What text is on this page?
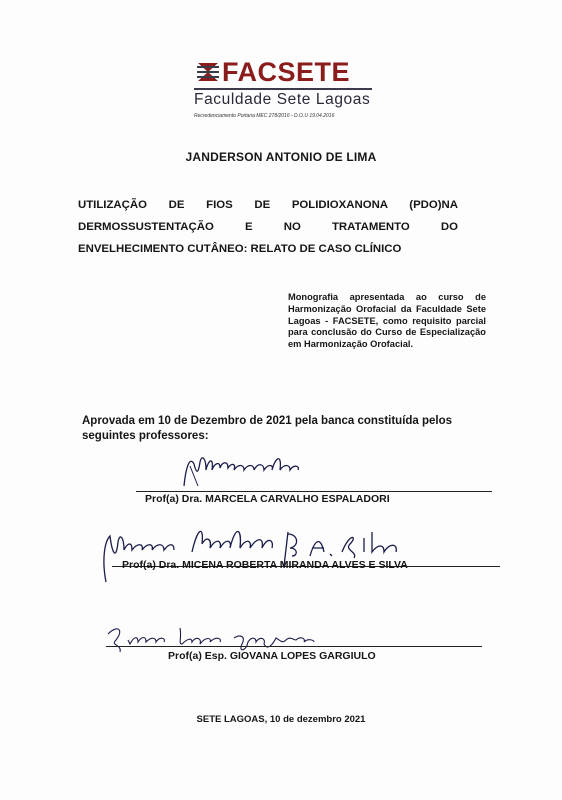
FACSETE
Faculdade Sete Lagoas
Recredenciamento Portaria MEC 278/2016 - D.O.U 19.04.2016
JANDERSON ANTONIO DE LIMA
UTILIZAÇÃO DE FIOS DE POLIDIOXANONA (PDO)NA
DERMOSSUSTENTAÇÃO E NO TRATAMENTO DO
ENVELHECIMENTO CUTÂNEO: RELATO DE CASO CLÍNICO
Monografia apresentada ao curso de Harmonização Orofacial da Faculdade Sete Lagoas - FACSETE, como requisito parcial para conclusão do Curso de Especialização em Harmonização Orofacial.
Aprovada em 10 de Dezembro de 2021 pela banca constituída pelos seguintes professores:
Prof(a) Dra. MARCELA CARVALHO ESPALADORI
Prof(a) Dra. MICENA ROBERTA MIRANDA ALVES E SILVA
Prof(a) Esp. GIOVANA LOPES GARGIULO
SETE LAGOAS, 10 de dezembro 2021
